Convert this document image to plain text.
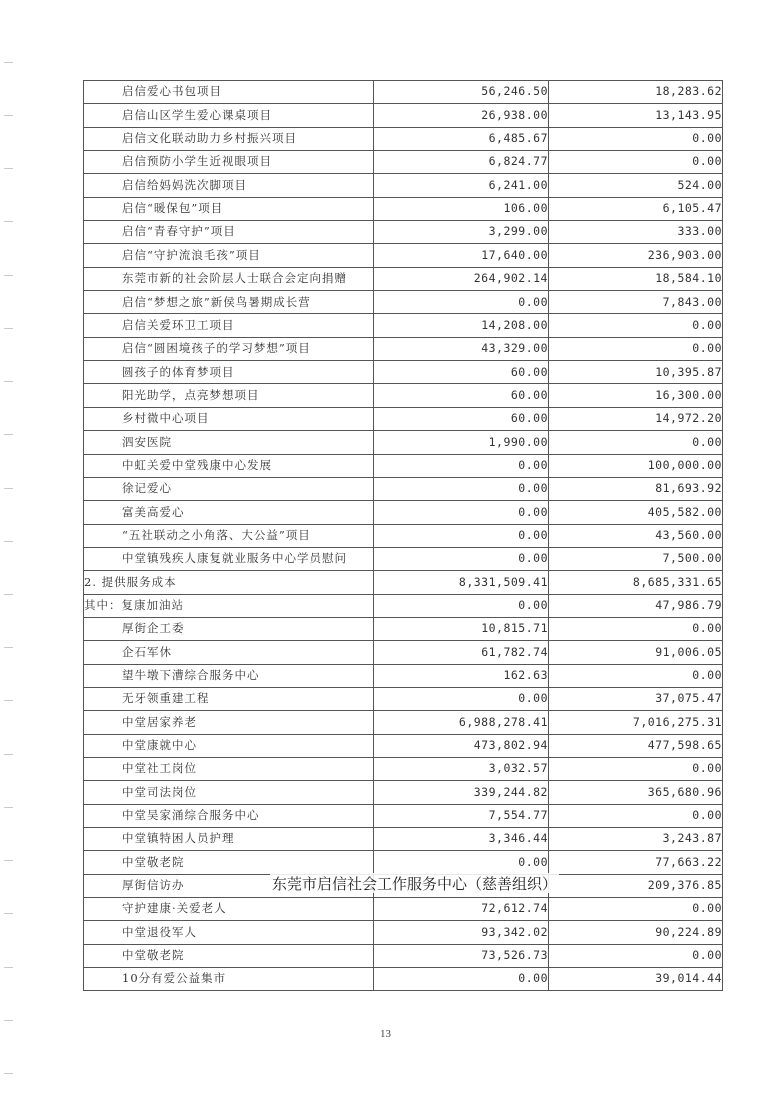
启信爱心书包项目	56,246.50	18,283.62
启信山区学生爱心课桌项目	26,938.00	13,143.95
启信文化联动助力乡村振兴项目	6,485.67	0.00
启信预防小学生近视眼项目	6,824.77	0.00
启信给妈妈洗次脚项目	6,241.00	524.00
启信“暖保包”项目	106.00	6,105.47
启信“青春守护”项目	3,299.00	333.00
启信“守护流浪毛孩”项目	17,640.00	236,903.00
东莞市新的社会阶层人士联合会定向捐赠	264,902.14	18,584.10
启信“梦想之旅”新侯鸟暑期成长营	0.00	7,843.00
启信关爱环卫工项目	14,208.00	0.00
启信“圆困境孩子的学习梦想”项目	43,329.00	0.00
圆孩子的体育梦项目	60.00	10,395.87
阳光助学，点亮梦想项目	60.00	16,300.00
乡村微中心项目	60.00	14,972.20
泗安医院	1,990.00	0.00
中虹关爱中堂残康中心发展	0.00	100,000.00
徐记爱心	0.00	81,693.92
富美高爱心	0.00	405,582.00
“五社联动之小角落、大公益”项目	0.00	43,560.00
中堂镇残疾人康复就业服务中心学员慰问	0.00	7,500.00
2. 提供服务成本	8,331,509.41	8,685,331.65
其中：复康加油站	0.00	47,986.79
厚街企工委	10,815.71	0.00
企石军休	61,782.74	91,006.05
望牛墩下漕综合服务中心	162.63	0.00
无牙领重建工程	0.00	37,075.47
中堂居家养老	6,988,278.41	7,016,275.31
中堂康就中心	473,802.94	477,598.65
中堂社工岗位	3,032.57	0.00
中堂司法岗位	339,244.82	365,680.96
中堂吴家涌综合服务中心	7,554.77	0.00
中堂镇特困人员护理	3,346.44	3,243.87
中堂敬老院	0.00	77,663.22
厚街信访办		209,376.85
守护建康·关爱老人	72,612.74	0.00
中堂退役军人	93,342.02	90,224.89
中堂敬老院	73,526.73	0.00
10分有爱公益集市	0.00	39,014.44
东莞市启信社会工作服务中心（慈善组织）
13
